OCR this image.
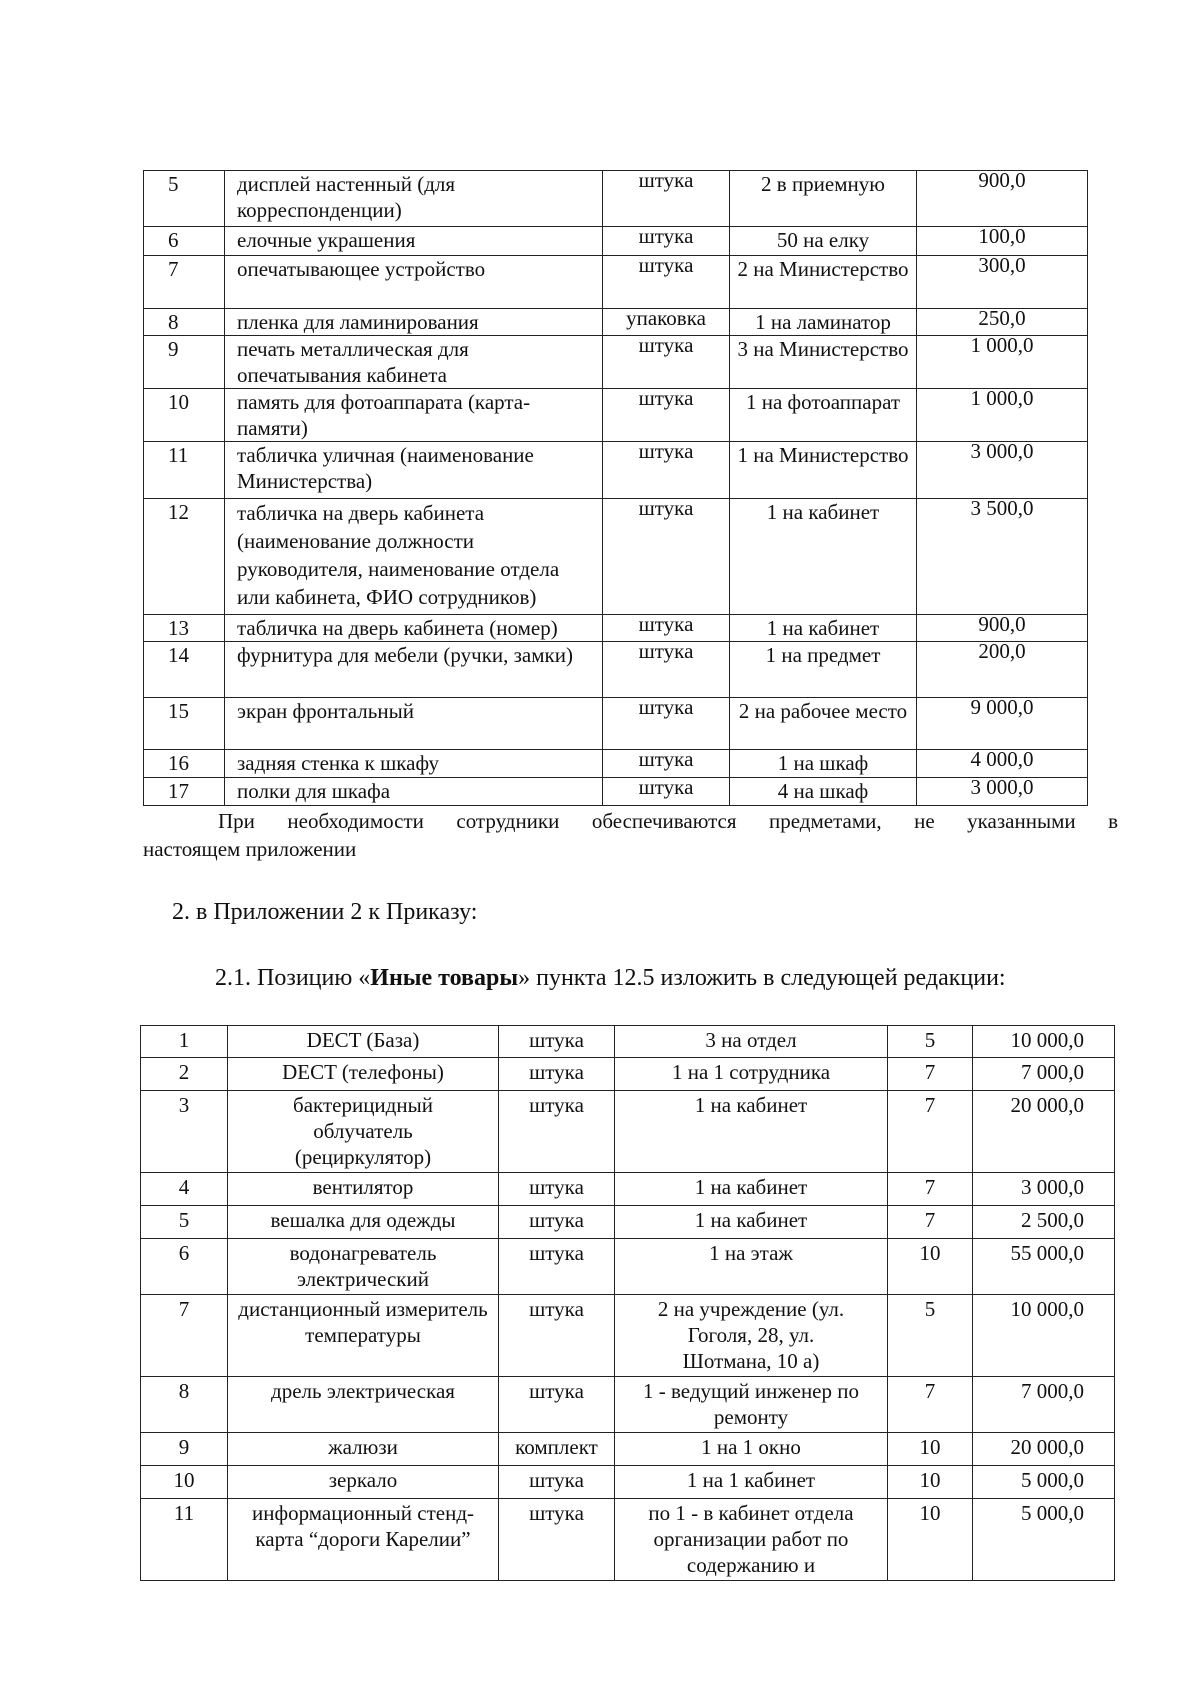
5	дисплей настенный (для корреспонденции)	штука	2 в приемную	900,0
6	елочные украшения	штука	50 на елку	100,0
7	опечатывающее устройство	штука	2 на Министерство	300,0
8	пленка для ламинирования	упаковка	1 на ламинатор	250,0
9	печать металлическая для опечатывания кабинета	штука	3 на Министерство	1 000,0
10	память для фотоаппарата (карта-памяти)	штука	1 на фотоаппарат	1 000,0
11	табличка уличная (наименование Министерства)	штука	1 на Министерство	3 000,0
12	табличка на дверь кабинета (наименование должности руководителя, наименование отдела или кабинета, ФИО сотрудников)	штука	1 на кабинет	3 500,0
13	табличка на дверь кабинета (номер)	штука	1 на кабинет	900,0
14	фурнитура для мебели (ручки, замки)	штука	1 на предмет	200,0
15	экран фронтальный	штука	2 на рабочее место	9 000,0
16	задняя стенка к шкафу	штука	1 на шкаф	4 000,0
17	полки для шкафа	штука	4 на шкаф	3 000,0
При необходимости сотрудники обеспечиваются предметами, не указанными в
настоящем приложении
2. в Приложении 2 к Приказу:
2.1. Позицию «Иные товары» пункта 12.5 изложить в следующей редакции:
1	DECT (База)	штука	3 на отдел	5	10 000,0
2	DECT (телефоны)	штука	1 на 1 сотрудника	7	7 000,0
3	бактерицидный облучатель (рециркулятор)	штука	1 на кабинет	7	20 000,0
4	вентилятор	штука	1 на кабинет	7	3 000,0
5	вешалка для одежды	штука	1 на кабинет	7	2 500,0
6	водонагреватель электрический	штука	1 на этаж	10	55 000,0
7	дистанционный измеритель температуры	штука	2 на учреждение (ул. Гоголя, 28, ул. Шотмана, 10 а)	5	10 000,0
8	дрель электрическая	штука	1 - ведущий инженер по ремонту	7	7 000,0
9	жалюзи	комплект	1 на 1 окно	10	20 000,0
10	зеркало	штука	1 на 1 кабинет	10	5 000,0
11	информационный стенд-карта “дороги Карелии”	штука	по 1 - в кабинет отдела организации работ по содержанию и	10	5 000,0
